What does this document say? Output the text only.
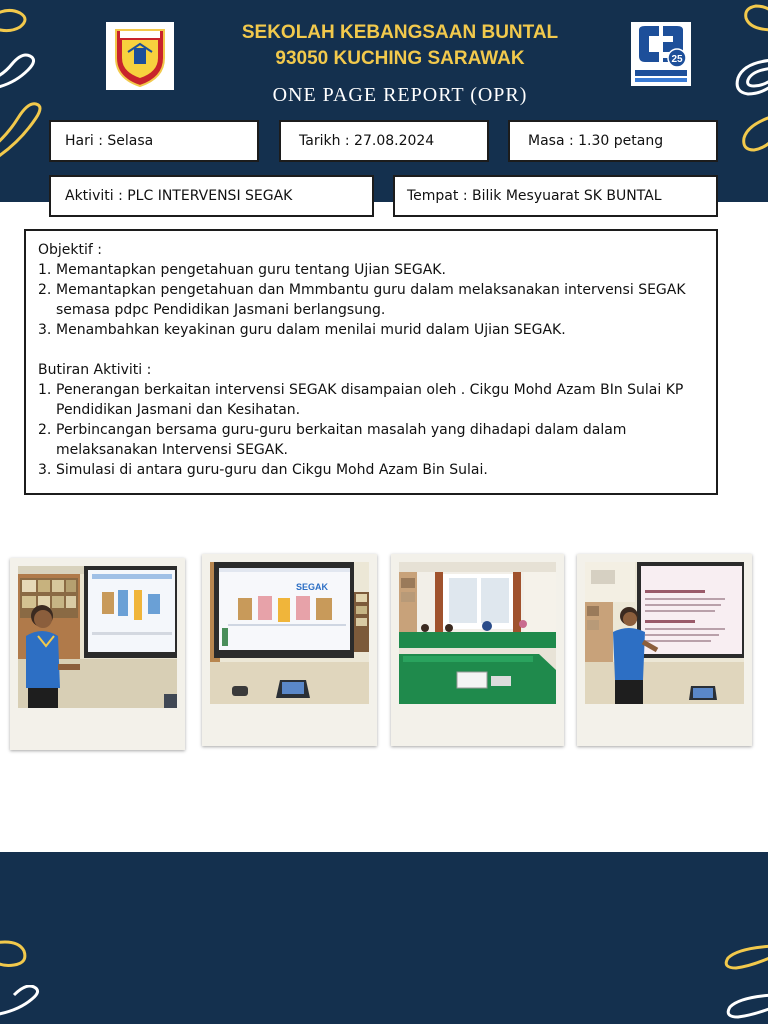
25
SEKOLAH KEBANGSAAN BUNTAL
93050 KUCHING SARAWAK
ONE PAGE REPORT (OPR)
Hari : Selasa	Tarikh : 27.08.2024	Masa : 1.30 petang
Aktiviti : PLC INTERVENSI SEGAK	Tempat : Bilik Mesyuarat SK BUNTAL
Objektif :
1. Memantapkan pengetahuan guru tentang Ujian SEGAK.
2. Memantapkan pengetahuan dan Mmmbantu guru dalam melaksanakan intervensi SEGAK semasa pdpc Pendidikan Jasmani berlangsung.
3. Menambahkan keyakinan guru dalam menilai murid dalam Ujian SEGAK.
Butiran Aktiviti :
1. Penerangan berkaitan intervensi SEGAK disampaian oleh . Cikgu Mohd Azam BIn Sulai KP Pendidikan Jasmani dan Kesihatan.
2. Perbincangan bersama guru-guru berkaitan masalah yang dihadapi dalam dalam melaksanakan Intervensi SEGAK.
3. Simulasi di antara guru-guru dan Cikgu Mohd Azam Bin Sulai.
SEGAK
